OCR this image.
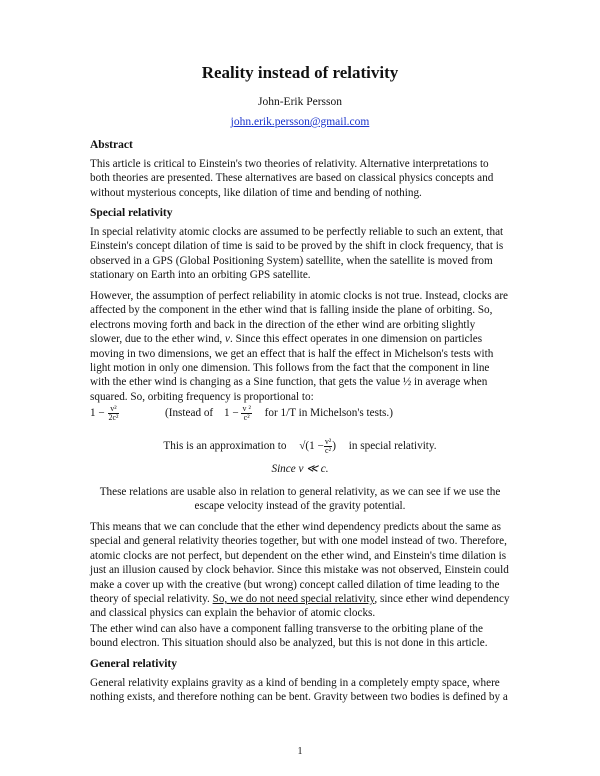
Reality instead of relativity
John-Erik Persson
john.erik.persson@gmail.com
Abstract

This article is critical to Einstein's two theories of relativity. Alternative interpretations to both theories are presented. These alternatives are based on classical physics concepts and without mysterious concepts, like dilation of time and bending of nothing.

Special relativity

In special relativity atomic clocks are assumed to be perfectly reliable to such an extent, that Einstein's concept dilation of time is said to be proved by the shift in clock frequency, that is observed in a GPS (Global Positioning System) satellite, when the satellite is moved from stationary on Earth into an orbiting GPS satellite.

However, the assumption of perfect reliability in atomic clocks is not true. Instead, clocks are affected by the component in the ether wind that is falling inside the plane of orbiting. So, electrons moving forth and back in the direction of the ether wind are orbiting slightly slower, due to the ether wind, v. Since this effect operates in one dimension on particles moving in two dimensions, we get an effect that is half the effect in Michelson's tests with light motion in only one dimension. This follows from the fact that the component in line with the ether wind is changing as a Sine function, that gets the value ½ in average when squared. So, orbiting frequency is proportional to:

$1 - \frac{\text{v²}}{\text{2c²}}$	(Instead of $1 - \frac{\text{v ²}}{\text{c²}}$ for 1/T in Michelson's tests.)
This is an approximation to $√(1 - \frac{\text{v²}}{\text{c²}}$ ) in special relativity.
Since v ≪ c.

These relations are usable also in relation to general relativity, as we can see if we use the escape velocity instead of the gravity potential.

This means that we can conclude that the ether wind dependency predicts about the same as special and general relativity theories together, but with one model instead of two. Therefore, atomic clocks are not perfect, but dependent on the ether wind, and Einstein's time dilation is just an illusion caused by clock behavior. Since this mistake was not observed, Einstein could make a cover up with the creative (but wrong) concept called dilation of time leading to the theory of special relativity. So, we do not need special relativity, since ether wind dependency and classical physics can explain the behavior of atomic clocks.

The ether wind can also have a component falling transverse to the orbiting plane of the bound electron. This situation should also be analyzed, but this is not done in this article.

General relativity

General relativity explains gravity as a kind of bending in a completely empty space, where nothing exists, and therefore nothing can be bent. Gravity between two bodies is defined by a

1
